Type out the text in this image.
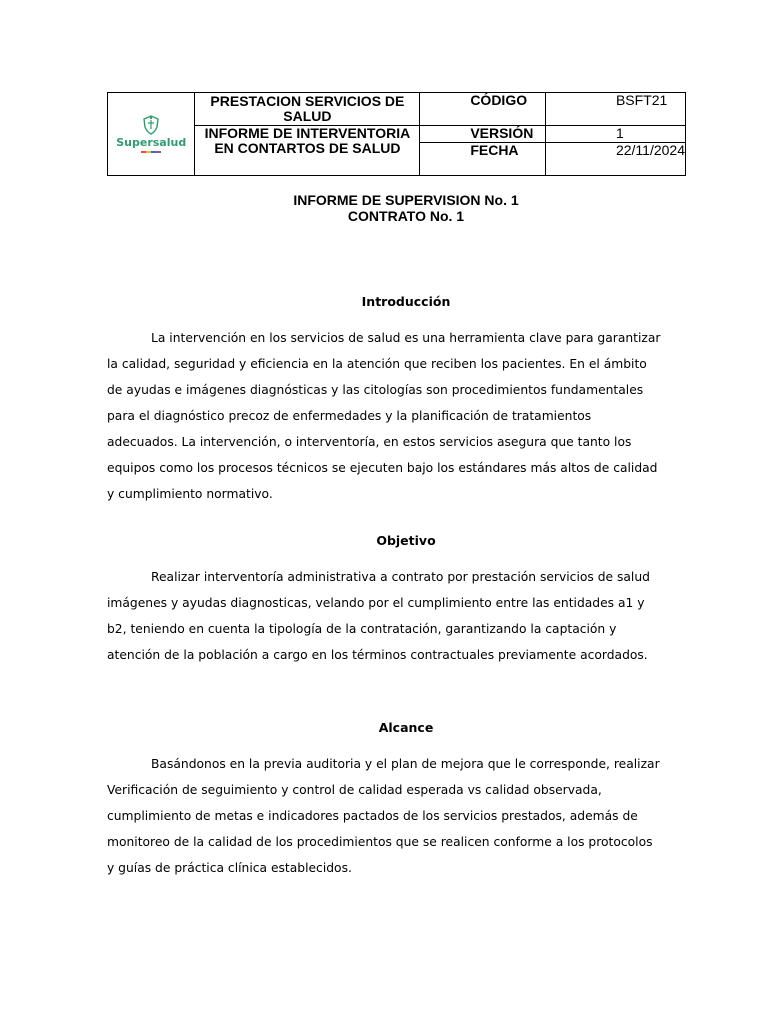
Supersalud	PRESTACION SERVICIOS DE SALUD	CÓDIGO	BSFT21

	INFORME DE INTERVENTORIA EN CONTARTOS DE SALUD	VERSIÓN	1

		FECHA	22/11/2024
INFORME DE SUPERVISION No. 1
CONTRATO No. 1
Introducción

La intervención en los servicios de salud es una herramienta clave para garantizar la calidad, seguridad y eficiencia en la atención que reciben los pacientes. En el ámbito de ayudas e imágenes diagnósticas y las citologías son procedimientos fundamentales para el diagnóstico precoz de enfermedades y la planificación de tratamientos adecuados. La intervención, o interventoría, en estos servicios asegura que tanto los equipos como los procesos técnicos se ejecuten bajo los estándares más altos de calidad y cumplimiento normativo.

Objetivo

Realizar interventoría administrativa a contrato por prestación servicios de salud imágenes y ayudas diagnosticas, velando por el cumplimiento entre las entidades a1 y b2, teniendo en cuenta la tipología de la contratación, garantizando la captación y atención de la población a cargo en los términos contractuales previamente acordados.

Alcance

Basándonos en la previa auditoria y el plan de mejora que le corresponde, realizar Verificación de seguimiento y control de calidad esperada vs calidad observada, cumplimiento de metas e indicadores pactados de los servicios prestados, además de monitoreo de la calidad de los procedimientos que se realicen conforme a los protocolos y guías de práctica clínica establecidos.
